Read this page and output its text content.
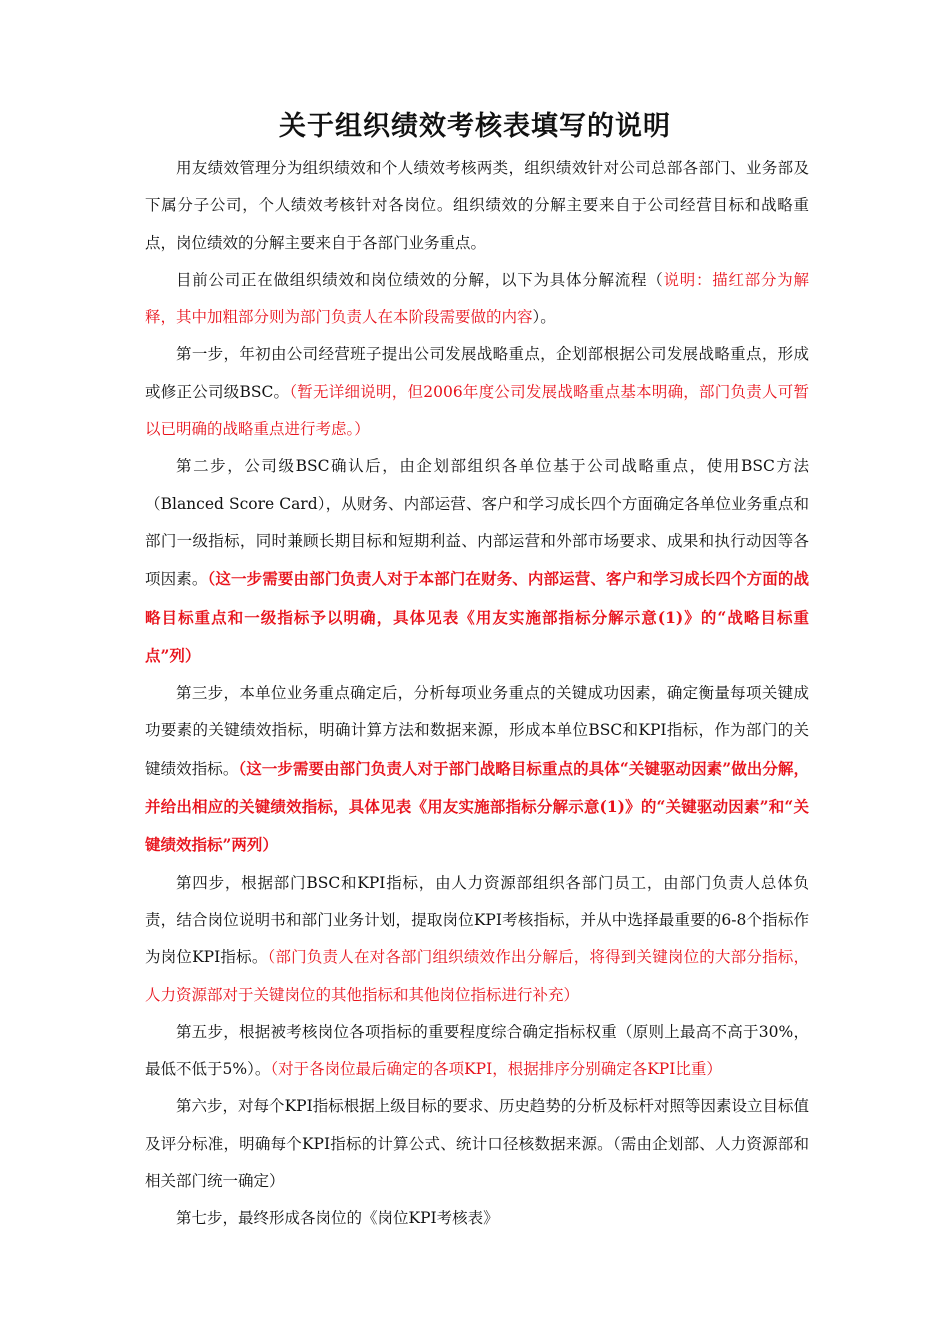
关于组织绩效考核表填写的说明

用友绩效管理分为组织绩效和个人绩效考核两类，组织绩效针对公司总部各部门、业务部及下属分子公司，个人绩效考核针对各岗位。组织绩效的分解主要来自于公司经营目标和战略重点，岗位绩效的分解主要来自于各部门业务重点。

目前公司正在做组织绩效和岗位绩效的分解，以下为具体分解流程（说明：描红部分为解释，其中加粗部分则为部门负责人在本阶段需要做的内容）。

第一步，年初由公司经营班子提出公司发展战略重点，企划部根据公司发展战略重点，形成或修正公司级BSC。（暂无详细说明，但2006年度公司发展战略重点基本明确，部门负责人可暂以已明确的战略重点进行考虑。）

第二步，公司级BSC确认后，由企划部组织各单位基于公司战略重点，使用BSC方法（Blanced Score Card），从财务、内部运营、客户和学习成长四个方面确定各单位业务重点和部门一级指标，同时兼顾长期目标和短期利益、内部运营和外部市场要求、成果和执行动因等各项因素。（这一步需要由部门负责人对于本部门在财务、内部运营、客户和学习成长四个方面的战略目标重点和一级指标予以明确，具体见表《用友实施部指标分解示意(1)》的“战略目标重点”列）

第三步，本单位业务重点确定后，分析每项业务重点的关键成功因素，确定衡量每项关键成功要素的关键绩效指标，明确计算方法和数据来源，形成本单位BSC和KPI指标，作为部门的关键绩效指标。（这一步需要由部门负责人对于部门战略目标重点的具体“关键驱动因素”做出分解，并给出相应的关键绩效指标，具体见表《用友实施部指标分解示意(1)》的“关键驱动因素”和“关键绩效指标”两列）

第四步，根据部门BSC和KPI指标，由人力资源部组织各部门员工，由部门负责人总体负责，结合岗位说明书和部门业务计划，提取岗位KPI考核指标，并从中选择最重要的6-8个指标作为岗位KPI指标。（部门负责人在对各部门组织绩效作出分解后，将得到关键岗位的大部分指标，人力资源部对于关键岗位的其他指标和其他岗位指标进行补充）

第五步，根据被考核岗位各项指标的重要程度综合确定指标权重（原则上最高不高于30%，最低不低于5%）。（对于各岗位最后确定的各项KPI，根据排序分别确定各KPI比重）

第六步，对每个KPI指标根据上级目标的要求、历史趋势的分析及标杆对照等因素设立目标值及评分标准，明确每个KPI指标的计算公式、统计口径核数据来源。（需由企划部、人力资源部和相关部门统一确定）

第七步，最终形成各岗位的《岗位KPI考核表》
